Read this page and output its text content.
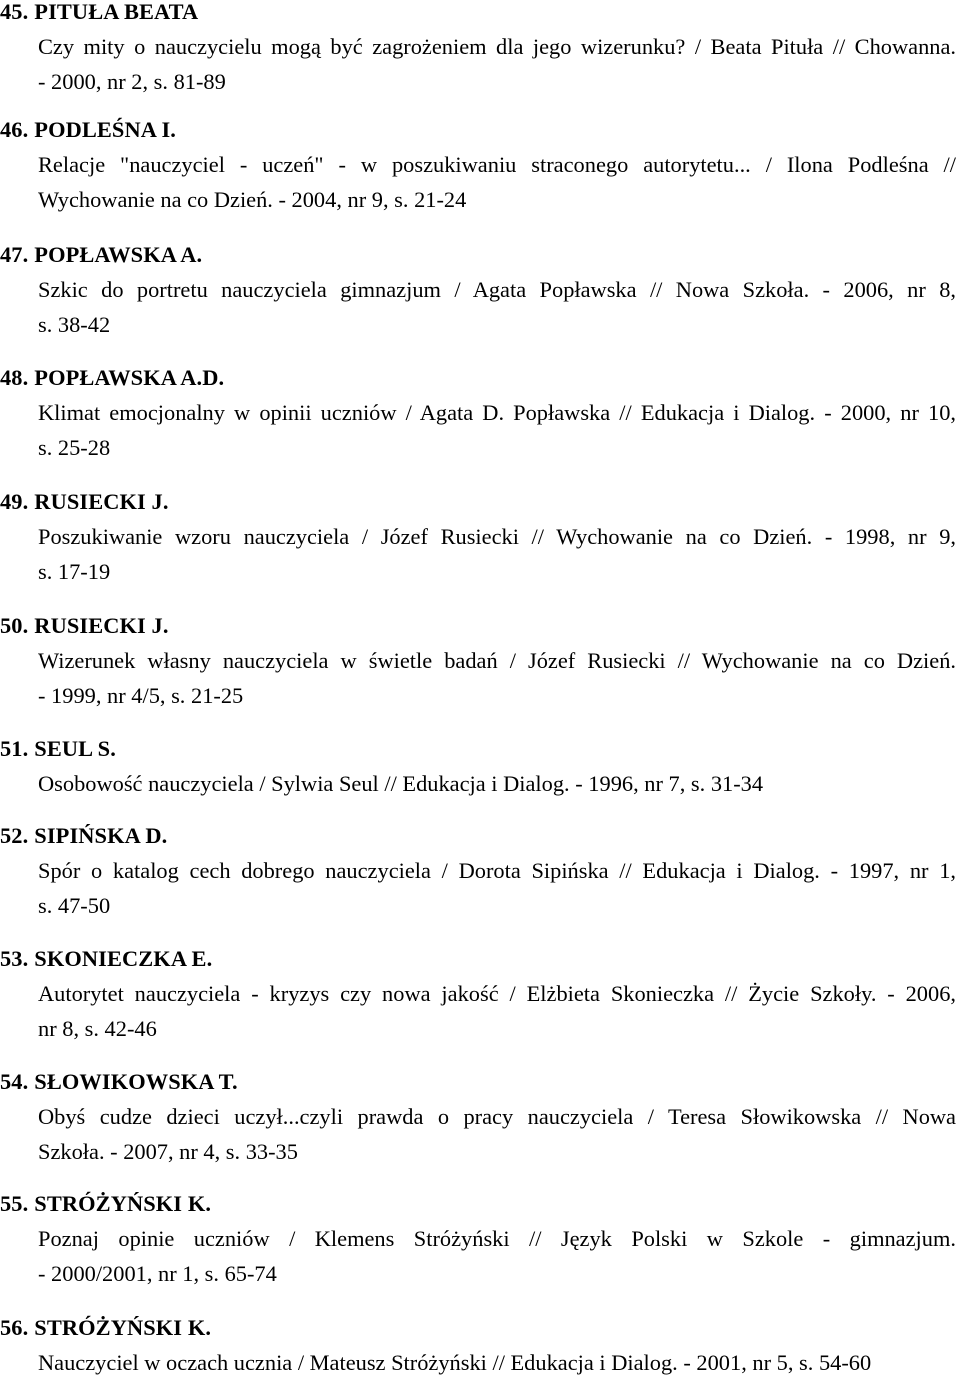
45. PITUŁA BEATA
Czy mity o nauczycielu mogą być zagrożeniem dla jego wizerunku? / Beata Pituła // Chowanna.
- 2000, nr 2, s. 81-89
46. PODLEŚNA I.
Relacje "nauczyciel - uczeń" - w poszukiwaniu straconego autorytetu... / Ilona Podleśna //
Wychowanie na co Dzień. - 2004, nr 9, s. 21-24
47. POPŁAWSKA A.
Szkic do portretu nauczyciela gimnazjum / Agata Popławska // Nowa Szkoła. - 2006, nr 8,
s. 38-42
48. POPŁAWSKA A.D.
Klimat emocjonalny w opinii uczniów / Agata D. Popławska // Edukacja i Dialog. - 2000, nr 10,
s. 25-28
49. RUSIECKI J.
Poszukiwanie wzoru nauczyciela / Józef Rusiecki // Wychowanie na co Dzień. - 1998, nr 9,
s. 17-19
50. RUSIECKI J.
Wizerunek własny nauczyciela w świetle badań / Józef Rusiecki // Wychowanie na co Dzień.
- 1999, nr 4/5, s. 21-25
51. SEUL S.
Osobowość nauczyciela / Sylwia Seul // Edukacja i Dialog. - 1996, nr 7, s. 31-34
52. SIPIŃSKA D.
Spór o katalog cech dobrego nauczyciela / Dorota Sipińska // Edukacja i Dialog. - 1997, nr 1,
s. 47-50
53. SKONIECZKA E.
Autorytet nauczyciela - kryzys czy nowa jakość / Elżbieta Skonieczka // Życie Szkoły. - 2006,
nr 8, s. 42-46
54. SŁOWIKOWSKA T.
Obyś cudze dzieci uczył...czyli prawda o pracy nauczyciela / Teresa Słowikowska // Nowa
Szkoła. - 2007, nr 4, s. 33-35
55. STRÓŻYŃSKI K.
Poznaj opinie uczniów / Klemens Stróżyński // Język Polski w Szkole - gimnazjum.
- 2000/2001, nr 1, s. 65-74
56. STRÓŻYŃSKI K.
Nauczyciel w oczach ucznia / Mateusz Stróżyński // Edukacja i Dialog. - 2001, nr 5, s. 54-60
